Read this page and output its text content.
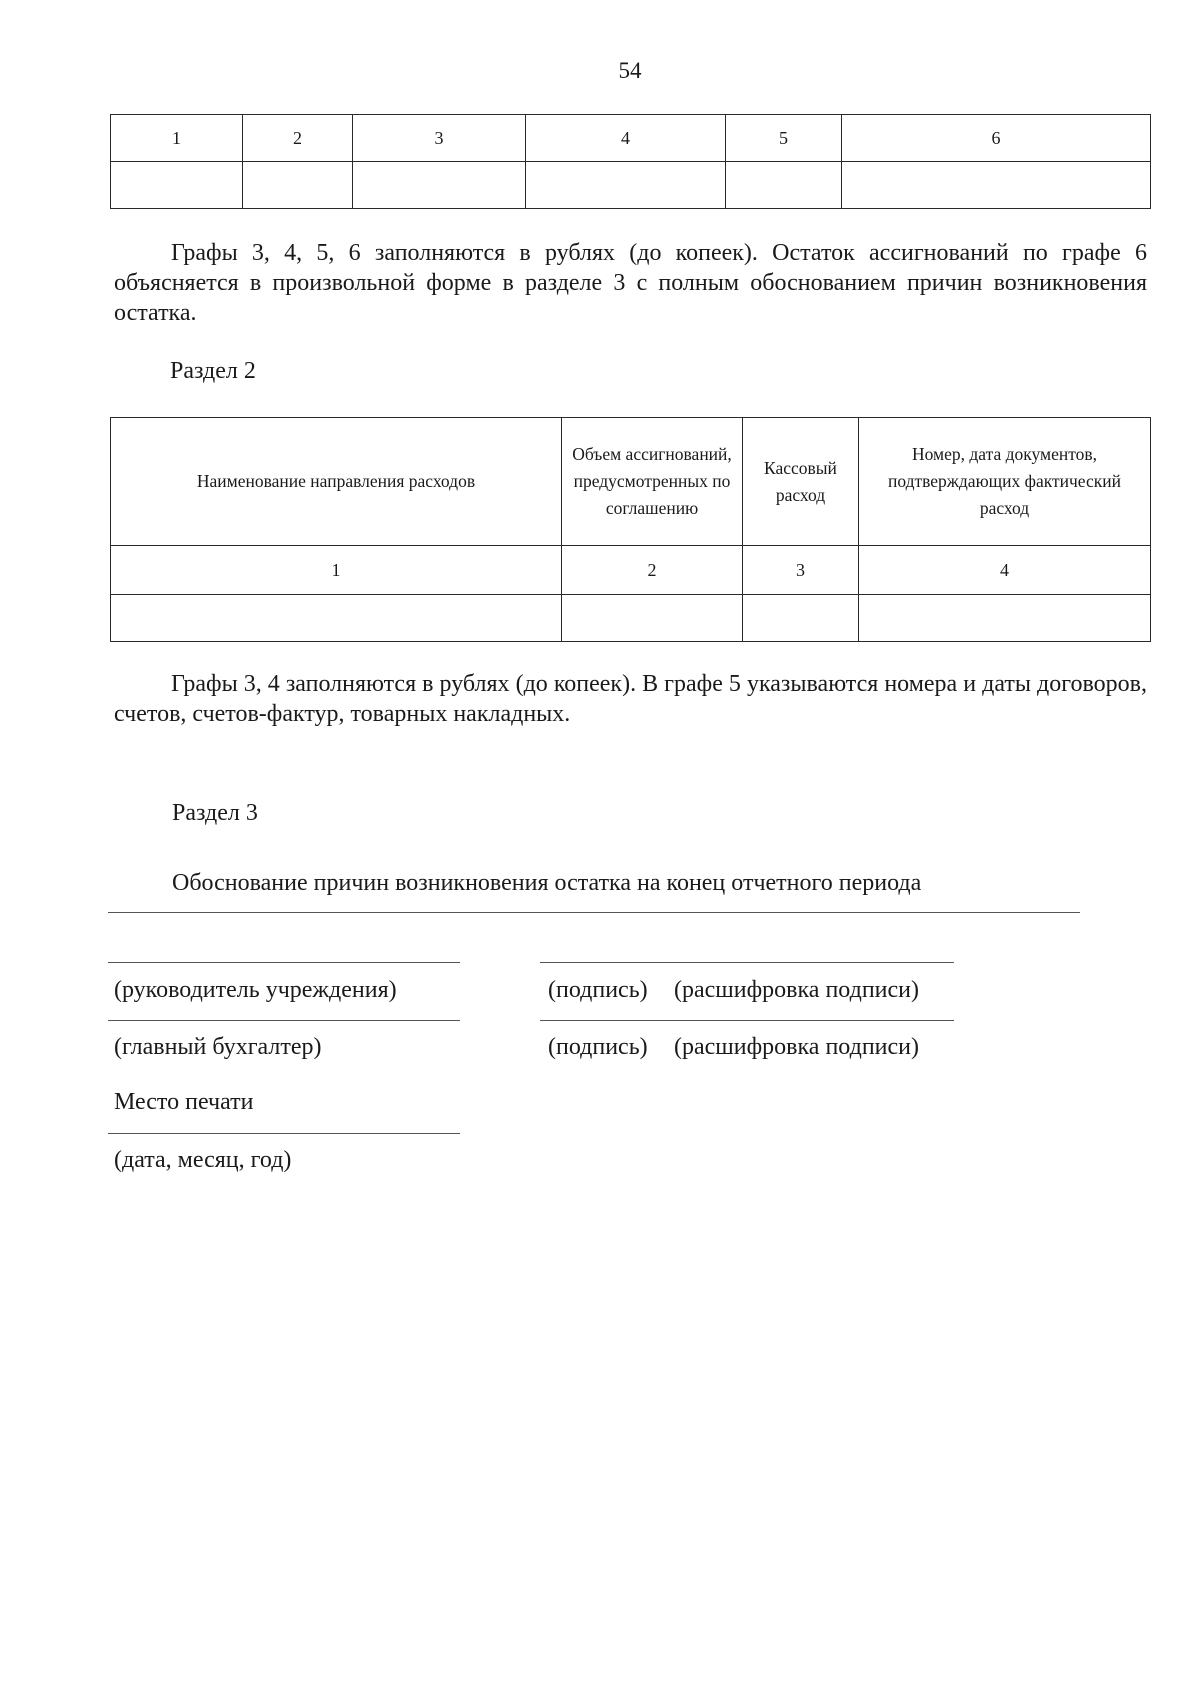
54
1	2	3	4	5	6

Графы 3, 4, 5, 6 заполняются в рублях (до копеек). Остаток ассигнований по графе 6 объясняется в произвольной форме в разделе 3 с полным обоснованием причин возникновения остатка.
Раздел 2
Наименование направления расходов	Объем ассигнований, предусмотренных по соглашению	Кассовый расход	Номер, дата документов, подтверждающих фактический расход
1	2	3	4

Графы 3, 4 заполняются в рублях (до копеек). В графе 5 указываются номера и даты договоров, счетов, счетов-фактур, товарных накладных.
Раздел 3
Обоснование причин возникновения остатка на конец отчетного периода
(руководитель учреждения)	(подпись) (расшифровка подписи)
(главный бухгалтер)	(подпись) (расшифровка подписи)
Место печати
(дата, месяц, год)
